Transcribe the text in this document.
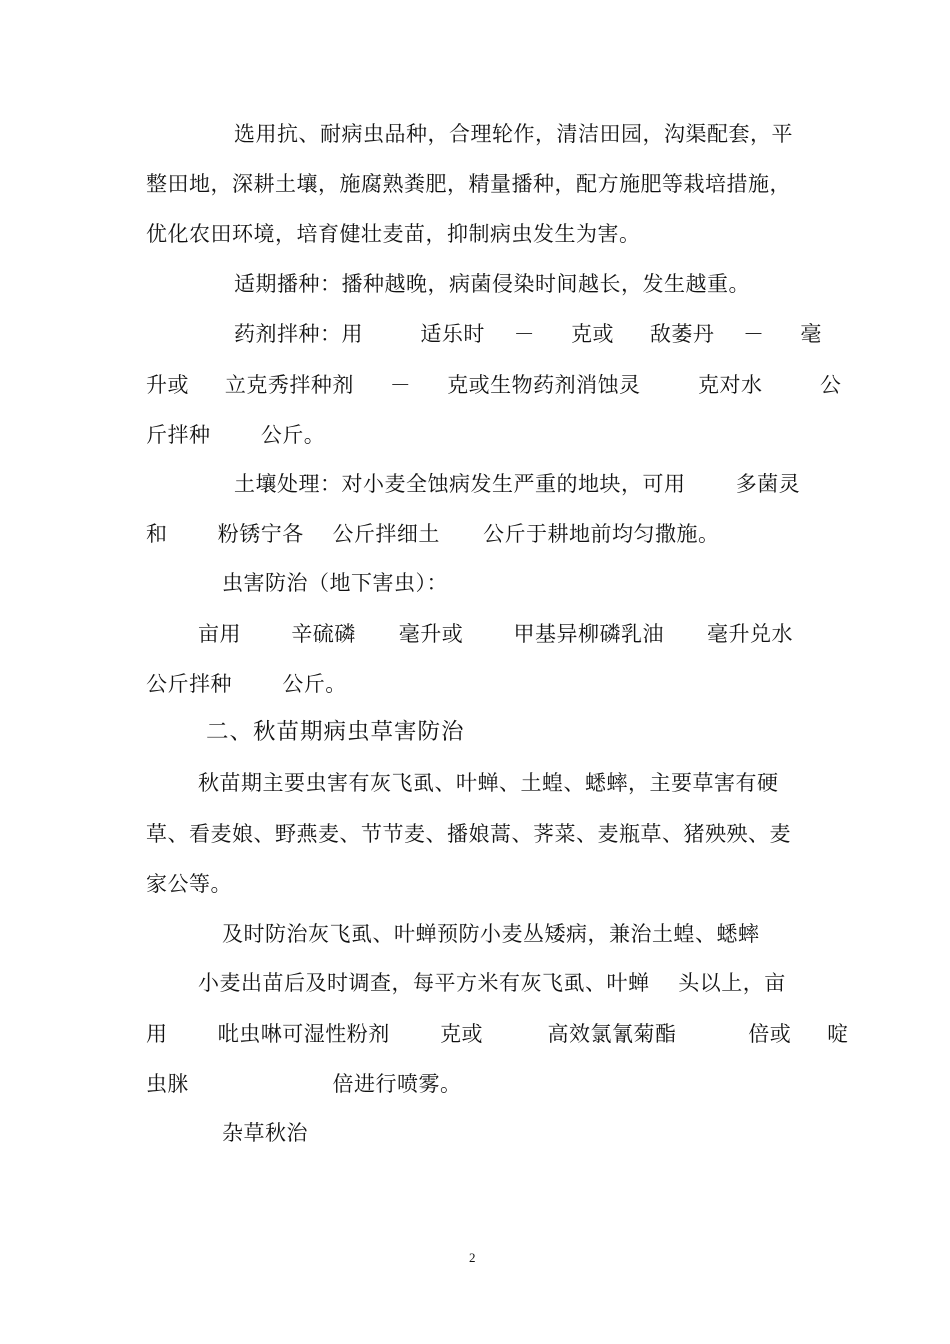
选用抗、耐病虫品种，合理轮作，清洁田园，沟渠配套，平
整田地，深耕土壤，施腐熟粪肥，精量播种，配方施肥等栽培措施，
优化农田环境，培育健壮麦苗，抑制病虫发生为害。
适期播种：播种越晚，病菌侵染时间越长，发生越重。
药剂拌种：用        适乐时    －     克或     敌萎丹    －     毫
升或     立克秀拌种剂     －     克或生物药剂消蚀灵        克对水        公
斤拌种       公斤。
土壤处理：对小麦全蚀病发生严重的地块，可用       多菌灵
和       粉锈宁各    公斤拌细土      公斤于耕地前均匀撒施。
虫害防治（地下害虫）：
亩用       辛硫磷      毫升或       甲基异柳磷乳油      毫升兑水
公斤拌种       公斤。
二、秋苗期病虫草害防治
秋苗期主要虫害有灰飞虱、叶蝉、土蝗、蟋蟀，主要草害有硬
草、看麦娘、野燕麦、节节麦、播娘蒿、荠菜、麦瓶草、猪殃殃、麦
家公等。
及时防治灰飞虱、叶蝉预防小麦丛矮病，兼治土蝗、蟋蟀
小麦出苗后及时调查，每平方米有灰飞虱、叶蝉    头以上，亩
用       吡虫啉可湿性粉剂       克或         高效氯氰菊酯          倍或     啶
虫脒                    倍进行喷雾。
杂草秋治
2
